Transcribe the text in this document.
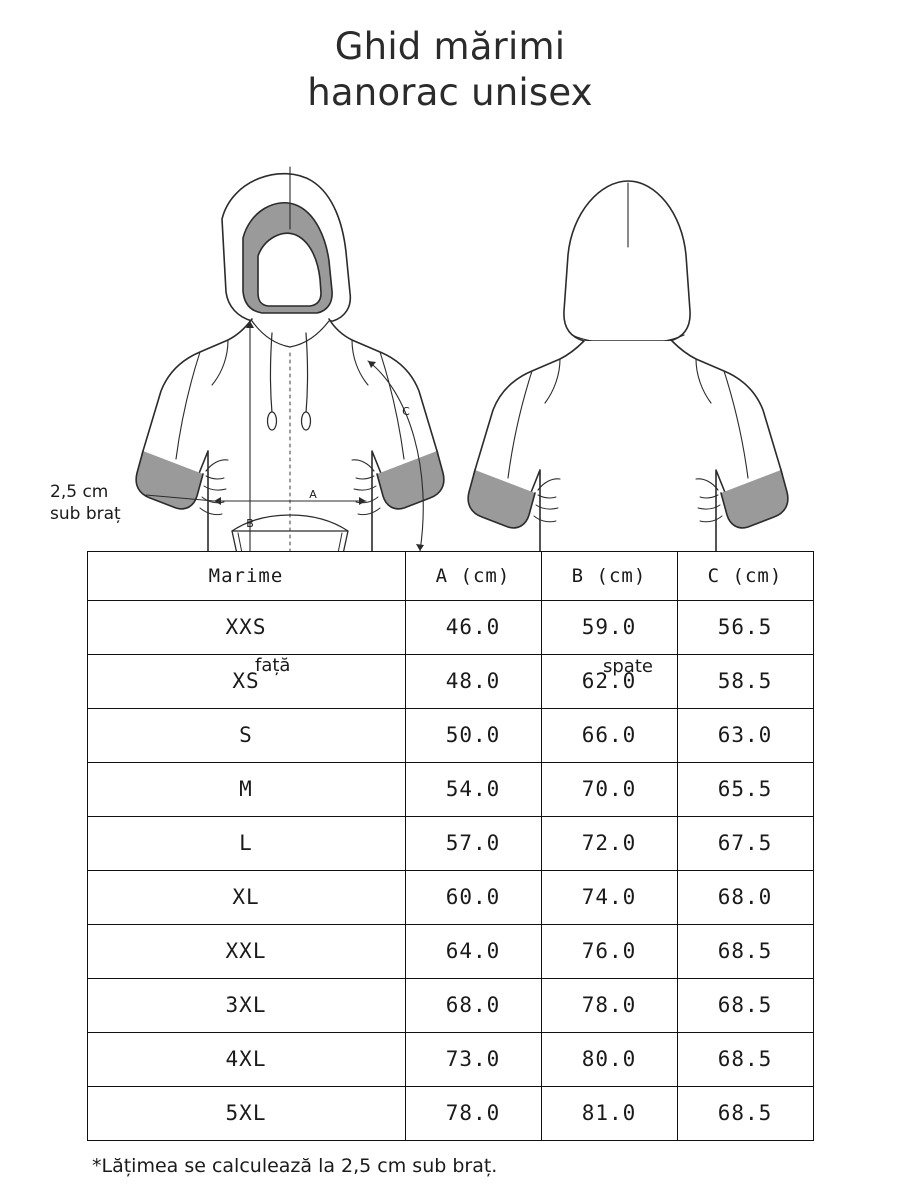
Ghid mărimi
hanorac unisex
A
B
C
2,5 cm
sub braț
față	spate
Marime	A (cm)	B (cm)	C (cm)
XXS	46.0	59.0	56.5
XS	48.0	62.0	58.5
S	50.0	66.0	63.0
M	54.0	70.0	65.5
L	57.0	72.0	67.5
XL	60.0	74.0	68.0
XXL	64.0	76.0	68.5
3XL	68.0	78.0	68.5
4XL	73.0	80.0	68.5
5XL	78.0	81.0	68.5
*Lățimea se calculează la 2,5 cm sub braț.
